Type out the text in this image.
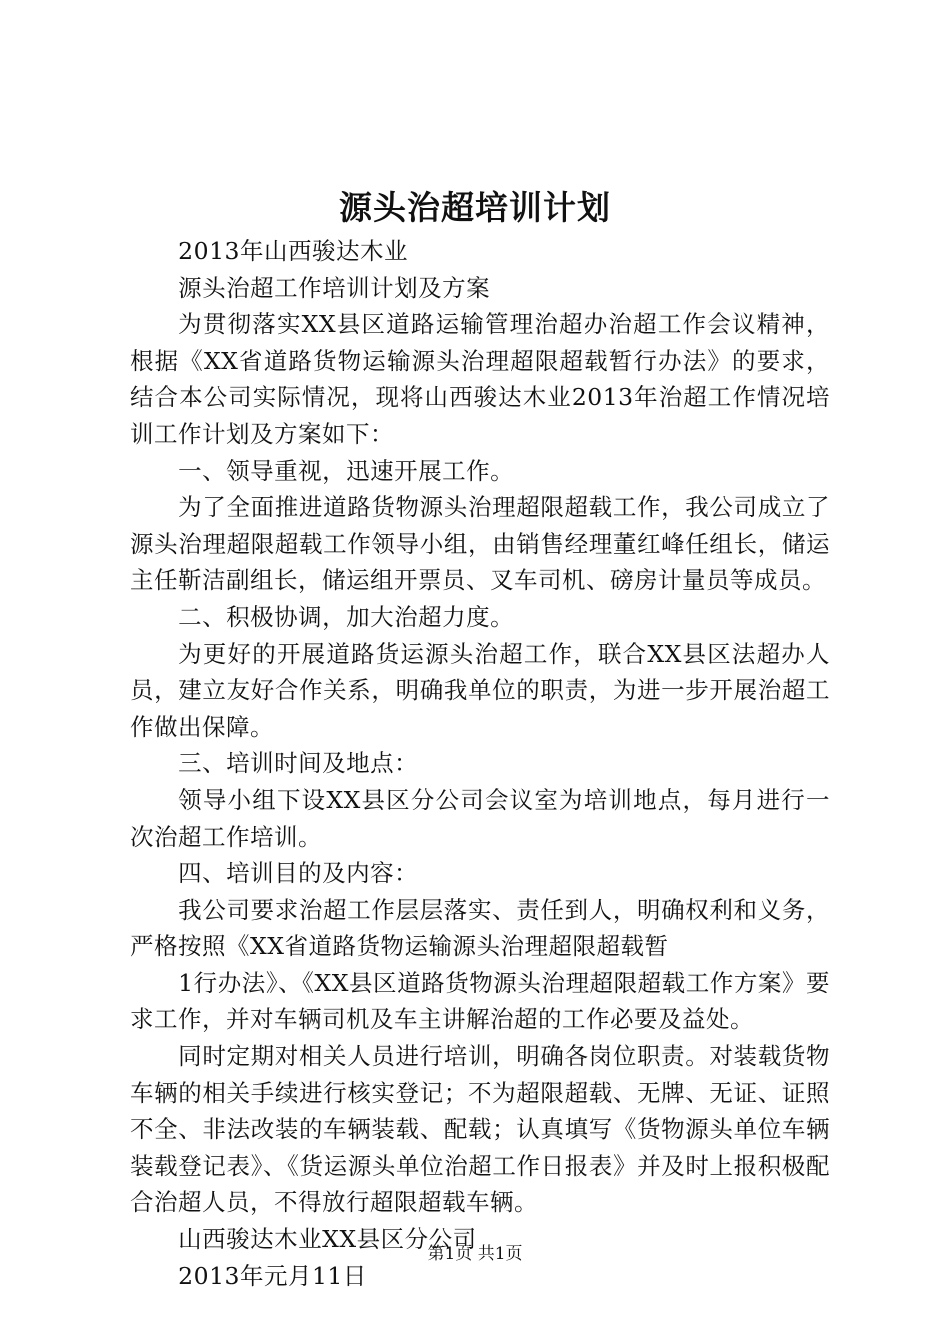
源头治超培训计划

2013年山西骏达木业

源头治超工作培训计划及方案

为贯彻落实XX县区道路运输管理治超办治超工作会议精神，根据《XX省道路货物运输源头治理超限超载暂行办法》的要求，结合本公司实际情况，现将山西骏达木业2013年治超工作情况培训工作计划及方案如下：

一、领导重视，迅速开展工作。

为了全面推进道路货物源头治理超限超载工作，我公司成立了源头治理超限超载工作领导小组，由销售经理董红峰任组长，储运主任靳洁副组长，储运组开票员、叉车司机、磅房计量员等成员。

二、积极协调，加大治超力度。

为更好的开展道路货运源头治超工作，联合XX县区法超办人员，建立友好合作关系，明确我单位的职责，为进一步开展治超工作做出保障。

三、培训时间及地点：

领导小组下设XX县区分公司会议室为培训地点，每月进行一次治超工作培训。

四、培训目的及内容：

我公司要求治超工作层层落实、责任到人，明确权利和义务，严格按照《XX省道路货物运输源头治理超限超载暂

1行办法》、《XX县区道路货物源头治理超限超载工作方案》要求工作，并对车辆司机及车主讲解治超的工作必要及益处。

同时定期对相关人员进行培训，明确各岗位职责。对装载货物车辆的相关手续进行核实登记；不为超限超载、无牌、无证、证照不全、非法改装的车辆装载、配载；认真填写《货物源头单位车辆装载登记表》、《货运源头单位治超工作日报表》并及时上报积极配合治超人员，不得放行超限超载车辆。

山西骏达木业XX县区分公司

2013年元月11日

第1页 共1页
